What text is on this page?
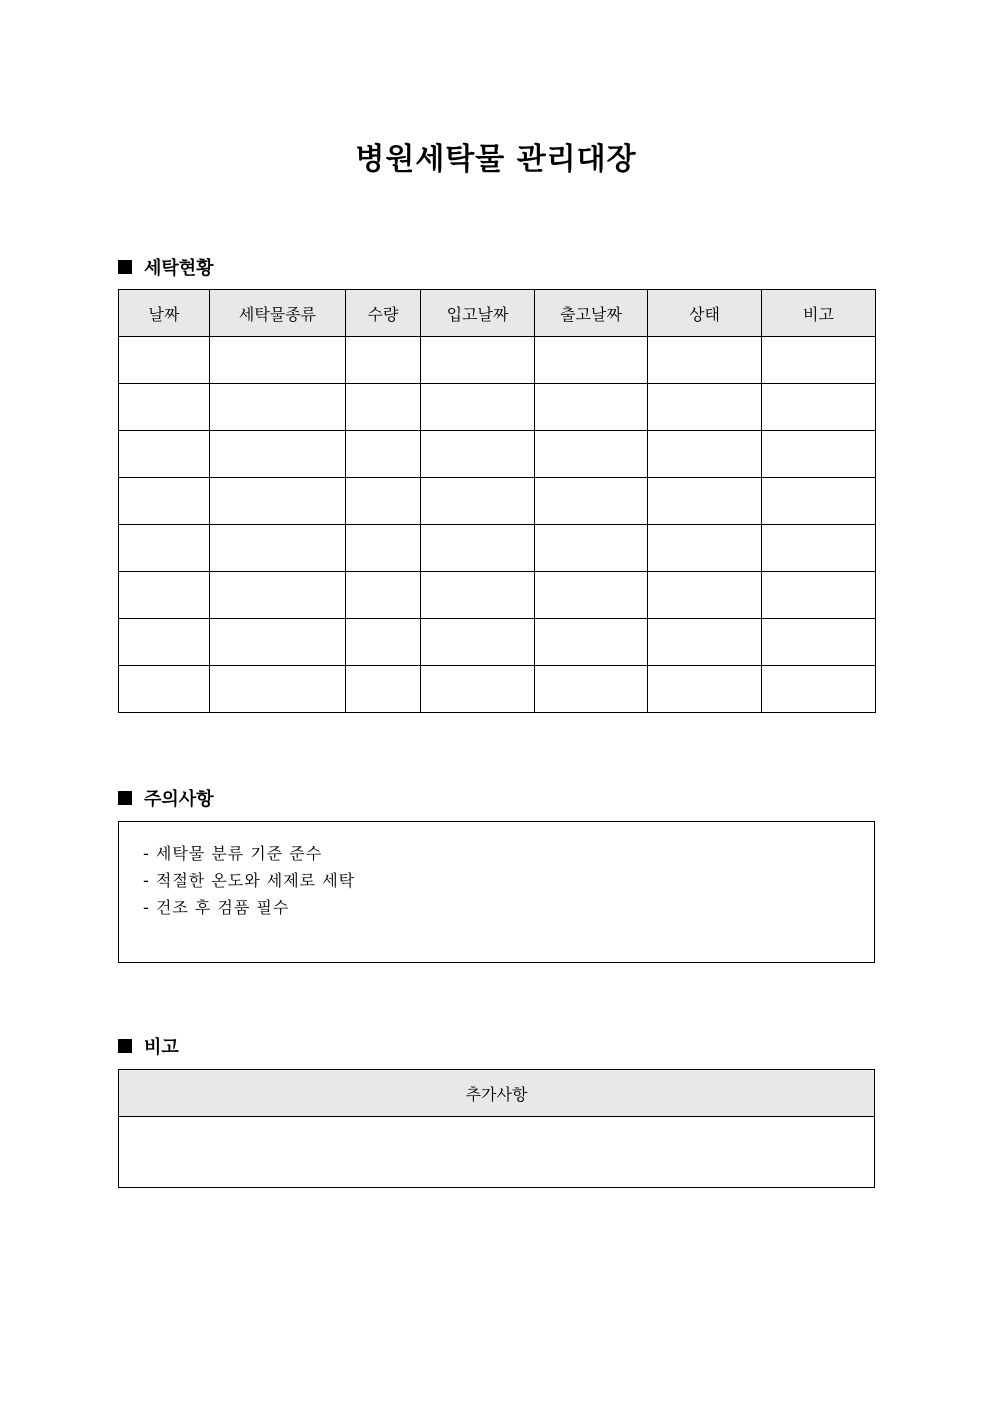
병원세탁물 관리대장
세탁현황
날짜	세탁물종류	수량	입고날짜	출고날짜	상태	비고

주의사항
- 세탁물 분류 기준 준수
- 적절한 온도와 세제로 세탁
- 건조 후 검품 필수
비고
추가사항
